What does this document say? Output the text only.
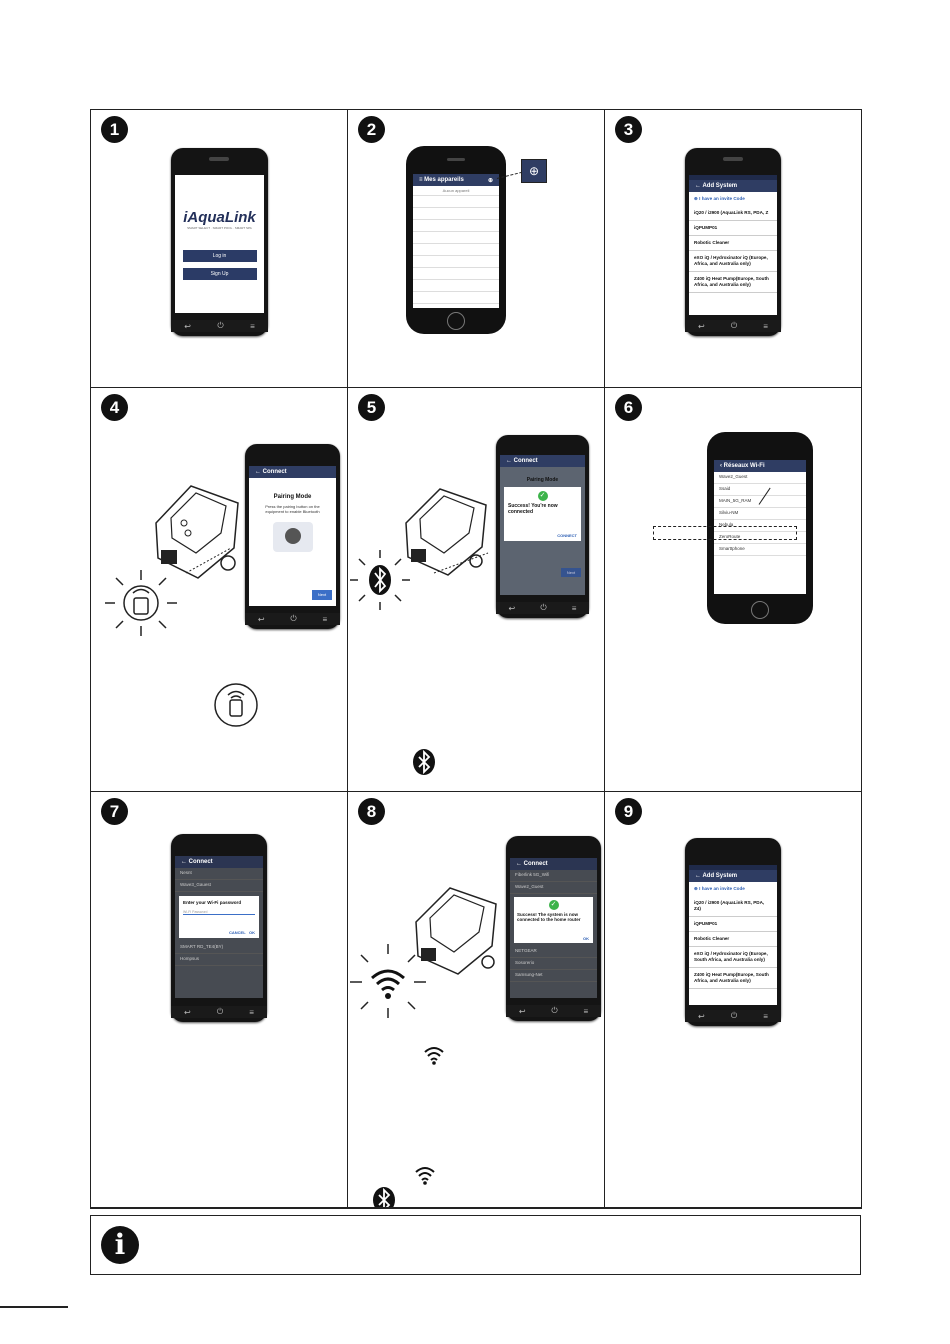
1
iAquaLink
SMART SELECT · SMART POOL · SMART SPA
Log in
Sign Up
↩	⏻	≡
2
≡ Mes appareils	⊕
Aucun appareil
⊕
3
← Add System
⊕ I have an invite Code
iQ20 / i2900 (AquaLink RS, PDA, Z
iQPUMP01
Robotic Cleaner
eXO iQ / Hydroxinator iQ (Europe, Africa, and Australia only)
Z400 iQ Heat Pump(Europe, South Africa, and Australia only)
↩	⏻	≡
4
← Connect
Pairing Mode
Press the pairing button on the equipment to enable Bluetooth
Next
↩	⏻	≡
5
← Connect
Pairing Mode
✓
Success! You're now connected
CONNECT
Next
↩	⏻	≡
6
‹ Réseaux Wi-Fi
Wave2_Guest
Ssaid
MAIN_5G_RAM
Silviu-NM
Nebula
ZeroRoute
Smarttphone
7
← Connect
Nesnt
Wave3_Gauest
Enter your Wi-Fi password
Wi-Fi Password
CANCEL OK
SMART RD_TE4(BY)
Hompsus
↩	⏻	≡
8
← Connect
Fiberlink 5G_Wifi
Wave2_Guest
✓
Success! The system is now connected to the home router
OK
NETGEAR
Sosorerio
Samsung-Net
↩	⏻	≡
9
← Add System
⊕ I have an invite Code
iQ20 / i2900 (AquaLink RS, PDA, Z4)
iQPUMP01
Robotic Cleaner
eXO iQ / Hydroxinator iQ (Europe, South Africa, and Australia only)
Z400 iQ Heat Pump(Europe, South Africa, and Australia only)
↩	⏻	≡
i
